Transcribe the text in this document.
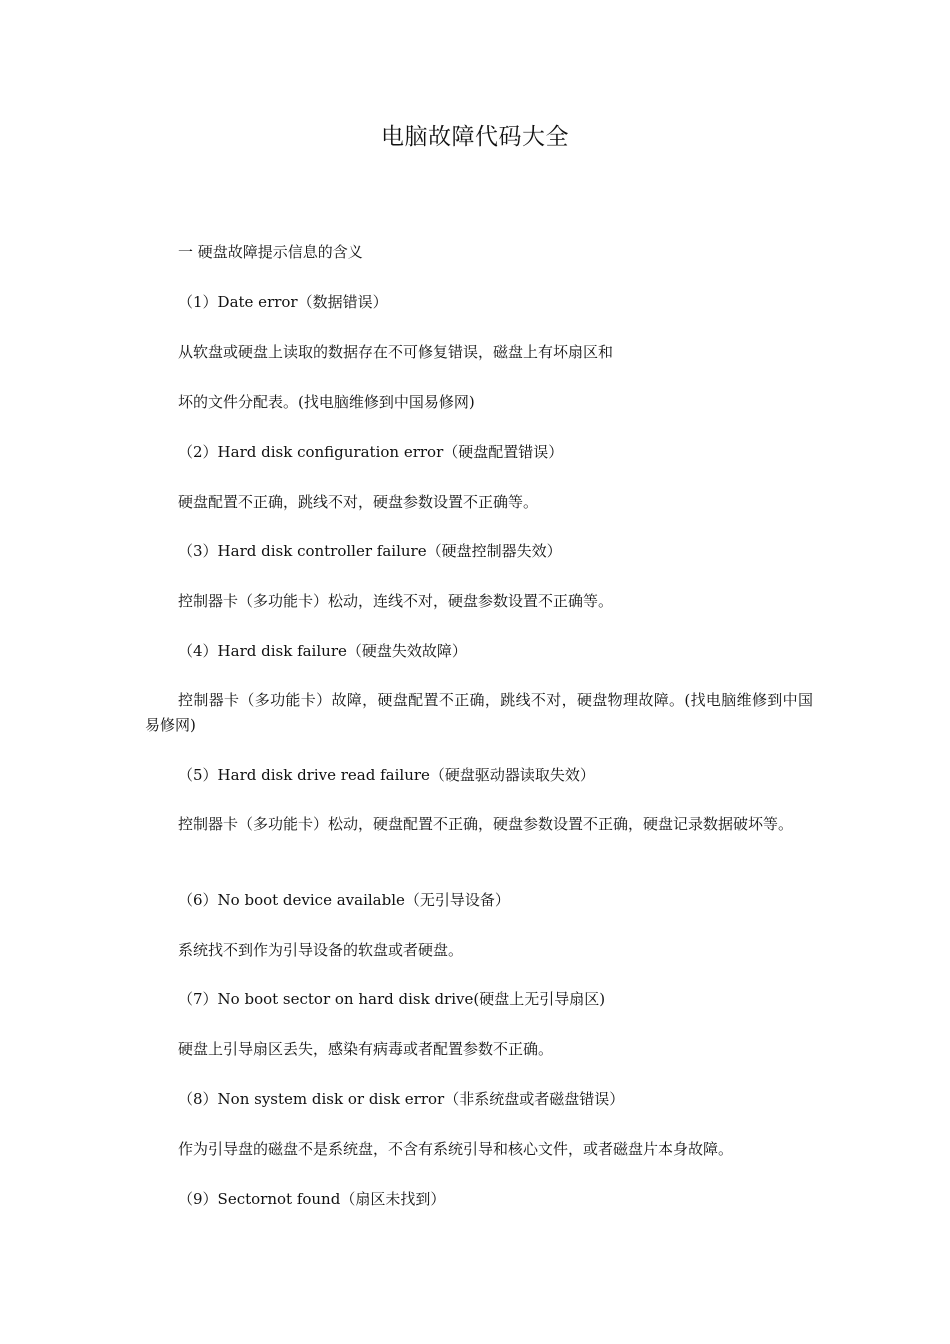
电脑故障代码大全
一 硬盘故障提示信息的含义
（1）Date error（数据错误）
从软盘或硬盘上读取的数据存在不可修复错误，磁盘上有坏扇区和
坏的文件分配表。(找电脑维修到中国易修网)
（2）Hard disk configuration error（硬盘配置错误）
硬盘配置不正确，跳线不对，硬盘参数设置不正确等。
（3）Hard disk controller failure（硬盘控制器失效）
控制器卡（多功能卡）松动，连线不对，硬盘参数设置不正确等。
（4）Hard disk failure（硬盘失效故障）
控制器卡（多功能卡）故障，硬盘配置不正确，跳线不对，硬盘物理故障。(找电脑维修到中国易修网)
（5）Hard disk drive read failure（硬盘驱动器读取失效）
控制器卡（多功能卡）松动，硬盘配置不正确，硬盘参数设置不正确，硬盘记录数据破坏等。
（6）No boot device available（无引导设备）
系统找不到作为引导设备的软盘或者硬盘。
（7）No boot sector on hard disk drive(硬盘上无引导扇区)
硬盘上引导扇区丢失，感染有病毒或者配置参数不正确。
（8）Non system disk or disk error（非系统盘或者磁盘错误）
作为引导盘的磁盘不是系统盘，不含有系统引导和核心文件，或者磁盘片本身故障。
（9）Sectornot found（扇区未找到）
